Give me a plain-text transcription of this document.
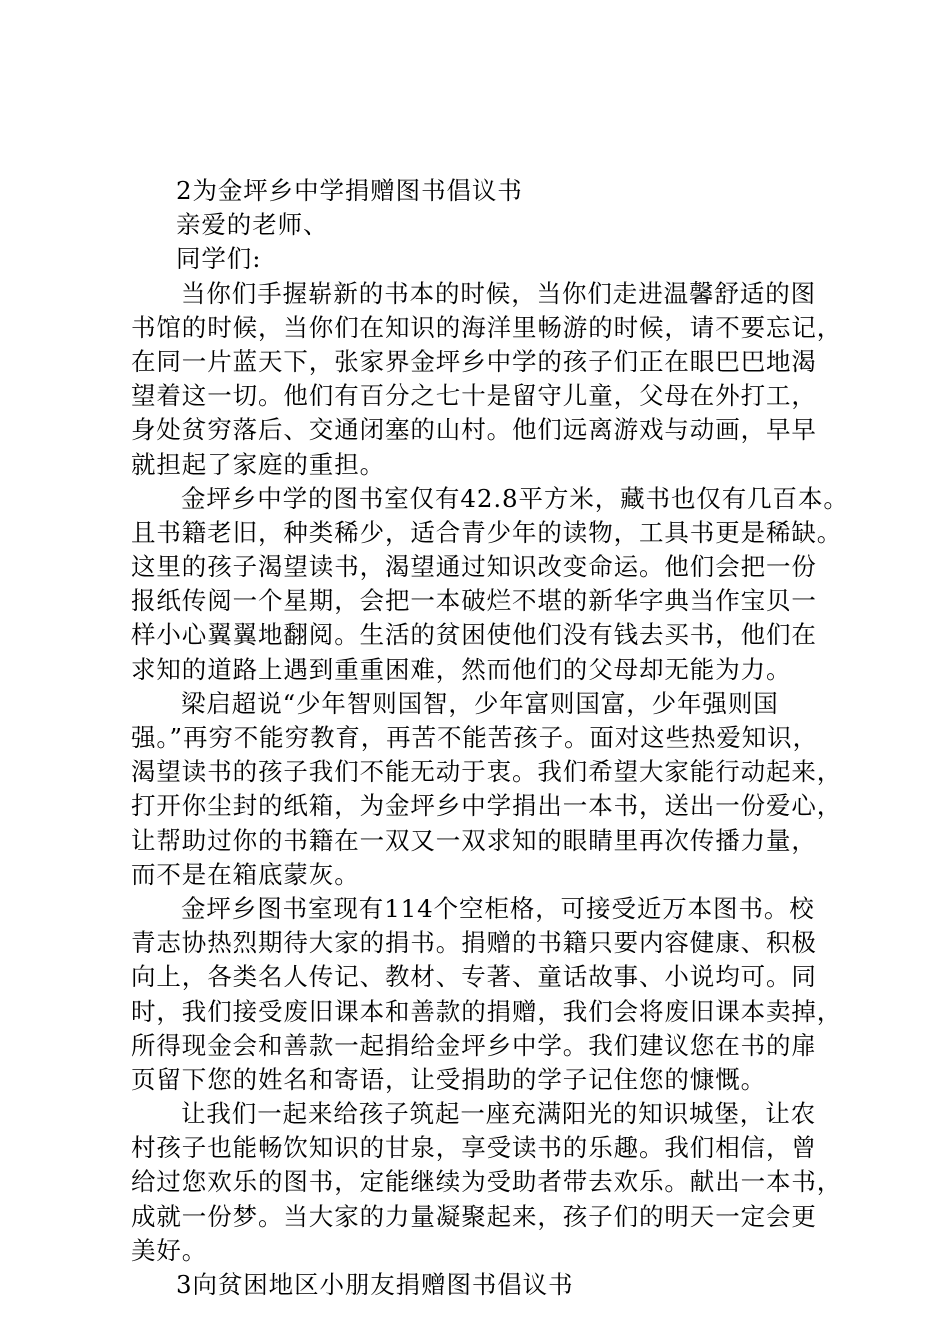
2为金坪乡中学捐赠图书倡议书
亲爱的老师、
同学们:
当你们手握崭新的书本的时候，当你们走进温馨舒适的图
书馆的时候，当你们在知识的海洋里畅游的时候，请不要忘记，
在同一片蓝天下，张家界金坪乡中学的孩子们正在眼巴巴地渴
望着这一切。他们有百分之七十是留守儿童，父母在外打工，
身处贫穷落后、交通闭塞的山村。他们远离游戏与动画，早早
就担起了家庭的重担。
金坪乡中学的图书室仅有42.8平方米，藏书也仅有几百本。
且书籍老旧，种类稀少，适合青少年的读物，工具书更是稀缺。
这里的孩子渴望读书，渴望通过知识改变命运。他们会把一份
报纸传阅一个星期，会把一本破烂不堪的新华字典当作宝贝一
样小心翼翼地翻阅。生活的贫困使他们没有钱去买书，他们在
求知的道路上遇到重重困难，然而他们的父母却无能为力。
梁启超说“少年智则国智，少年富则国富，少年强则国
强。”再穷不能穷教育，再苦不能苦孩子。面对这些热爱知识，
渴望读书的孩子我们不能无动于衷。我们希望大家能行动起来，
打开你尘封的纸箱，为金坪乡中学捐出一本书，送出一份爱心，
让帮助过你的书籍在一双又一双求知的眼睛里再次传播力量，
而不是在箱底蒙灰。
金坪乡图书室现有114个空柜格，可接受近万本图书。校
青志协热烈期待大家的捐书。捐赠的书籍只要内容健康、积极
向上，各类名人传记、教材、专著、童话故事、小说均可。同
时，我们接受废旧课本和善款的捐赠，我们会将废旧课本卖掉，
所得现金会和善款一起捐给金坪乡中学。我们建议您在书的扉
页留下您的姓名和寄语，让受捐助的学子记住您的慷慨。
让我们一起来给孩子筑起一座充满阳光的知识城堡，让农
村孩子也能畅饮知识的甘泉，享受读书的乐趣。我们相信，曾
给过您欢乐的图书，定能继续为受助者带去欢乐。献出一本书，
成就一份梦。当大家的力量凝聚起来，孩子们的明天一定会更
美好。
3向贫困地区小朋友捐赠图书倡议书
